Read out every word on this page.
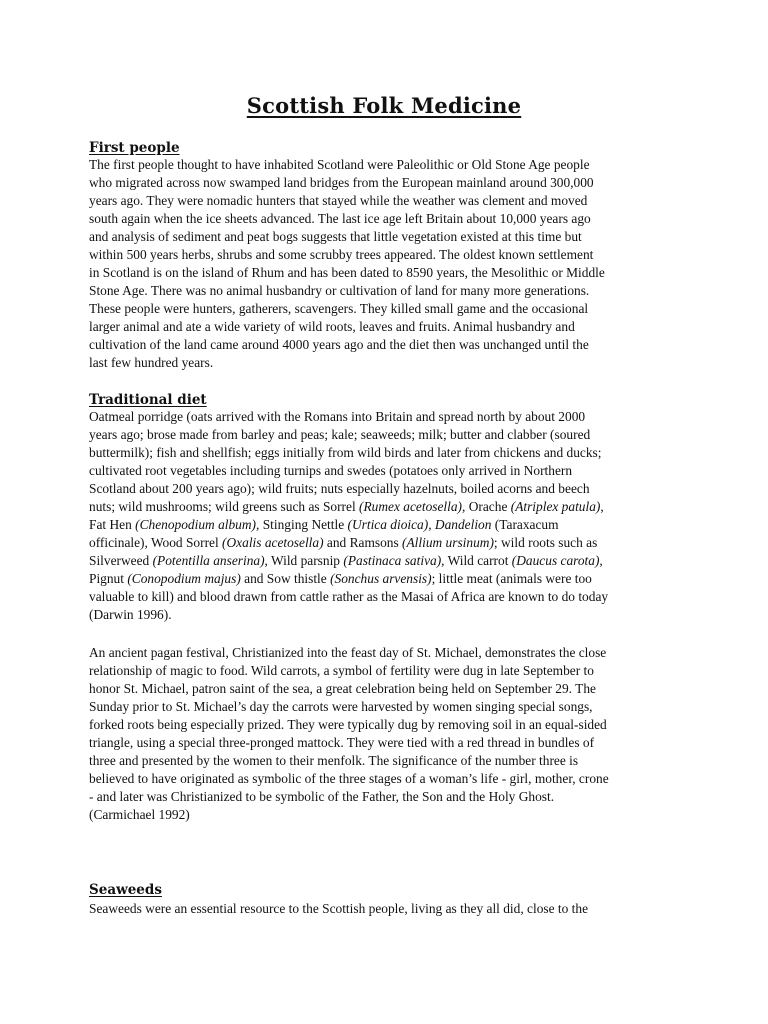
Scottish Folk Medicine
First people
The first people thought to have inhabited Scotland were Paleolithic or Old Stone Age people
who migrated across now swamped land bridges from the European mainland around 300,000
years ago. They were nomadic hunters that stayed while the weather was clement and moved
south again when the ice sheets advanced. The last ice age left Britain about 10,000 years ago
and analysis of sediment and peat bogs suggests that little vegetation existed at this time but
within 500 years herbs, shrubs and some scrubby trees appeared. The oldest known settlement
in Scotland is on the island of Rhum and has been dated to 8590 years, the Mesolithic or Middle
Stone Age. There was no animal husbandry or cultivation of land for many more generations.
These people were hunters, gatherers, scavengers. They killed small game and the occasional
larger animal and ate a wide variety of wild roots, leaves and fruits. Animal husbandry and
cultivation of the land came around 4000 years ago and the diet then was unchanged until the
last few hundred years.
Traditional diet
Oatmeal porridge (oats arrived with the Romans into Britain and spread north by about 2000
years ago; brose made from barley and peas; kale; seaweeds; milk; butter and clabber (soured
buttermilk); fish and shellfish; eggs initially from wild birds and later from chickens and ducks;
cultivated root vegetables including turnips and swedes (potatoes only arrived in Northern
Scotland about 200 years ago); wild fruits; nuts especially hazelnuts, boiled acorns and beech
nuts; wild mushrooms; wild greens such as Sorrel (Rumex acetosella), Orache (Atriplex patula),
Fat Hen (Chenopodium album), Stinging Nettle (Urtica dioica), Dandelion (Taraxacum
officinale), Wood Sorrel (Oxalis acetosella) and Ramsons (Allium ursinum); wild roots such as
Silverweed (Potentilla anserina), Wild parsnip (Pastinaca sativa), Wild carrot (Daucus carota),
Pignut (Conopodium majus) and Sow thistle (Sonchus arvensis); little meat (animals were too
valuable to kill) and blood drawn from cattle rather as the Masai of Africa are known to do today
(Darwin 1996).
An ancient pagan festival, Christianized into the feast day of St. Michael, demonstrates the close
relationship of magic to food. Wild carrots, a symbol of fertility were dug in late September to
honor St. Michael, patron saint of the sea, a great celebration being held on September 29. The
Sunday prior to St. Michael’s day the carrots were harvested by women singing special songs,
forked roots being especially prized. They were typically dug by removing soil in an equal-sided
triangle, using a special three-pronged mattock. They were tied with a red thread in bundles of
three and presented by the women to their menfolk. The significance of the number three is
believed to have originated as symbolic of the three stages of a woman’s life - girl, mother, crone
- and later was Christianized to be symbolic of the Father, the Son and the Holy Ghost.
(Carmichael 1992)
Seaweeds
Seaweeds were an essential resource to the Scottish people, living as they all did, close to the
